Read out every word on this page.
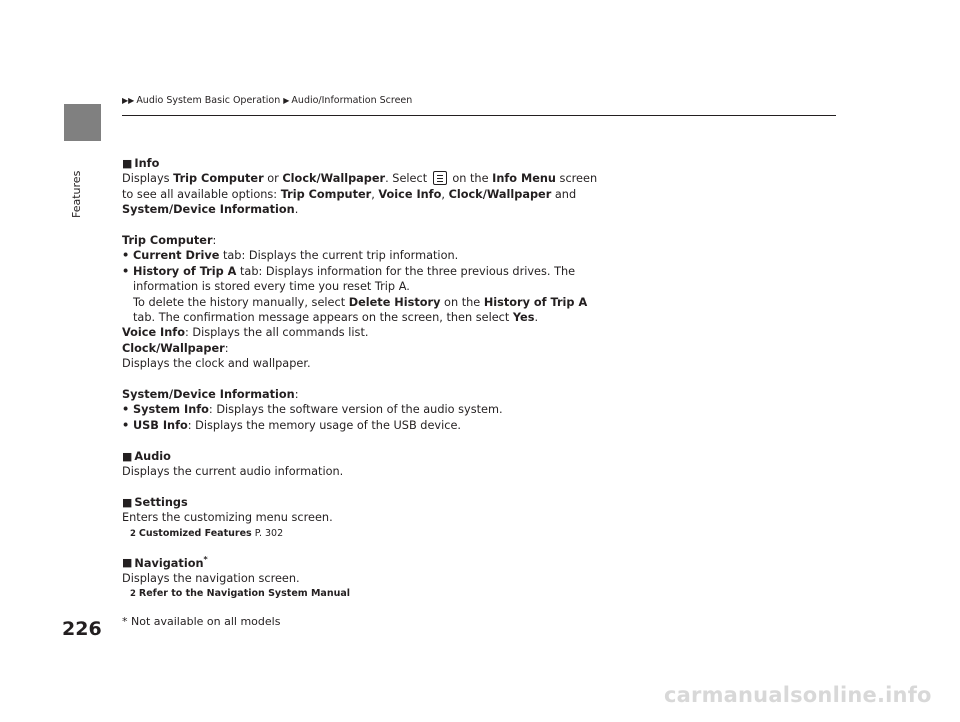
Features
▶▶ Audio System Basic Operation ▶ Audio/Information Screen

■ Info

Displays Trip Computer or Clock/Wallpaper. Select
on the Info Menu screen

to see all available options: Trip Computer, Voice Info, Clock/Wallpaper and

System/Device Information.

Trip Computer:

• Current Drive tab: Displays the current trip information.

• History of Trip A tab: Displays information for the three previous drives. The

information is stored every time you reset Trip A.

To delete the history manually, select Delete History on the History of Trip A

tab. The confirmation message appears on the screen, then select Yes.

Voice Info: Displays the all commands list.

Clock/Wallpaper:

Displays the clock and wallpaper.

System/Device Information:

• System Info: Displays the software version of the audio system.

• USB Info: Displays the memory usage of the USB device.

■ Audio

Displays the current audio information.

■ Settings

Enters the customizing menu screen.

2 Customized Features P. 302

■ Navigation*

Displays the navigation screen.

2 Refer to the Navigation System Manual

226 * Not available on all models
carmanualsonline.info
